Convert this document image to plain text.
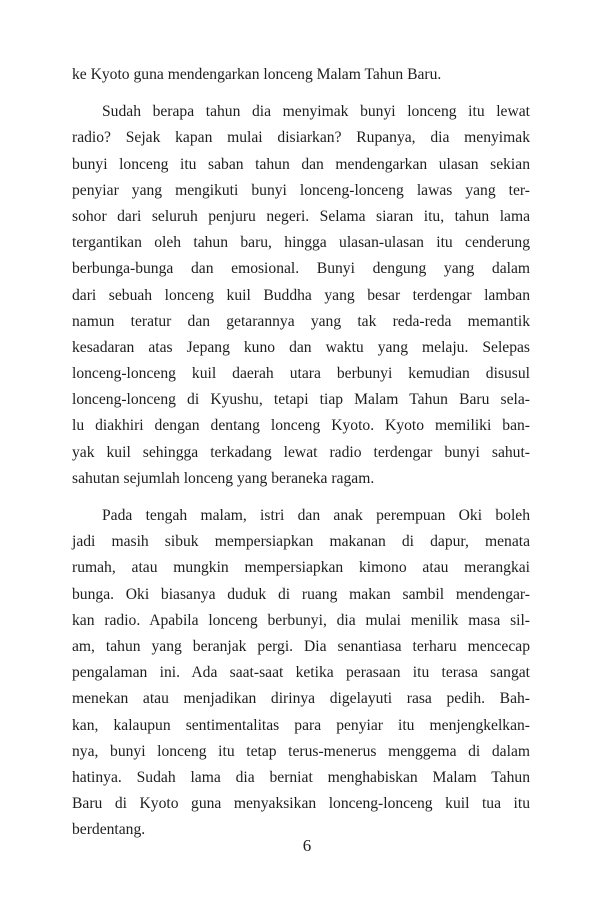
ke Kyoto guna mendengarkan lonceng Malam Tahun Baru.
Sudah berapa tahun dia menyimak bunyi lonceng itu lewat
radio? Sejak kapan mulai disiarkan? Rupanya, dia menyimak
bunyi lonceng itu saban tahun dan mendengarkan ulasan sekian
penyiar yang mengikuti bunyi lonceng-lonceng lawas yang ter-
sohor dari seluruh penjuru negeri. Selama siaran itu, tahun lama
tergantikan oleh tahun baru, hingga ulasan-ulasan itu cenderung
berbunga-bunga dan emosional. Bunyi dengung yang dalam
dari sebuah lonceng kuil Buddha yang besar terdengar lamban
namun teratur dan getarannya yang tak reda-reda memantik
kesadaran atas Jepang kuno dan waktu yang melaju. Selepas
lonceng-lonceng kuil daerah utara berbunyi kemudian disusul
lonceng-lonceng di Kyushu, tetapi tiap Malam Tahun Baru sela-
lu diakhiri dengan dentang lonceng Kyoto. Kyoto memiliki ban-
yak kuil sehingga terkadang lewat radio terdengar bunyi sahut-
sahutan sejumlah lonceng yang beraneka ragam.
Pada tengah malam, istri dan anak perempuan Oki boleh
jadi masih sibuk mempersiapkan makanan di dapur, menata
rumah, atau mungkin mempersiapkan kimono atau merangkai
bunga. Oki biasanya duduk di ruang makan sambil mendengar-
kan radio. Apabila lonceng berbunyi, dia mulai menilik masa sil-
am, tahun yang beranjak pergi. Dia senantiasa terharu mencecap
pengalaman ini. Ada saat-saat ketika perasaan itu terasa sangat
menekan atau menjadikan dirinya digelayuti rasa pedih. Bah-
kan, kalaupun sentimentalitas para penyiar itu menjengkelkan-
nya, bunyi lonceng itu tetap terus-menerus menggema di dalam
hatinya. Sudah lama dia berniat menghabiskan Malam Tahun
Baru di Kyoto guna menyaksikan lonceng-lonceng kuil tua itu
berdentang.
6
